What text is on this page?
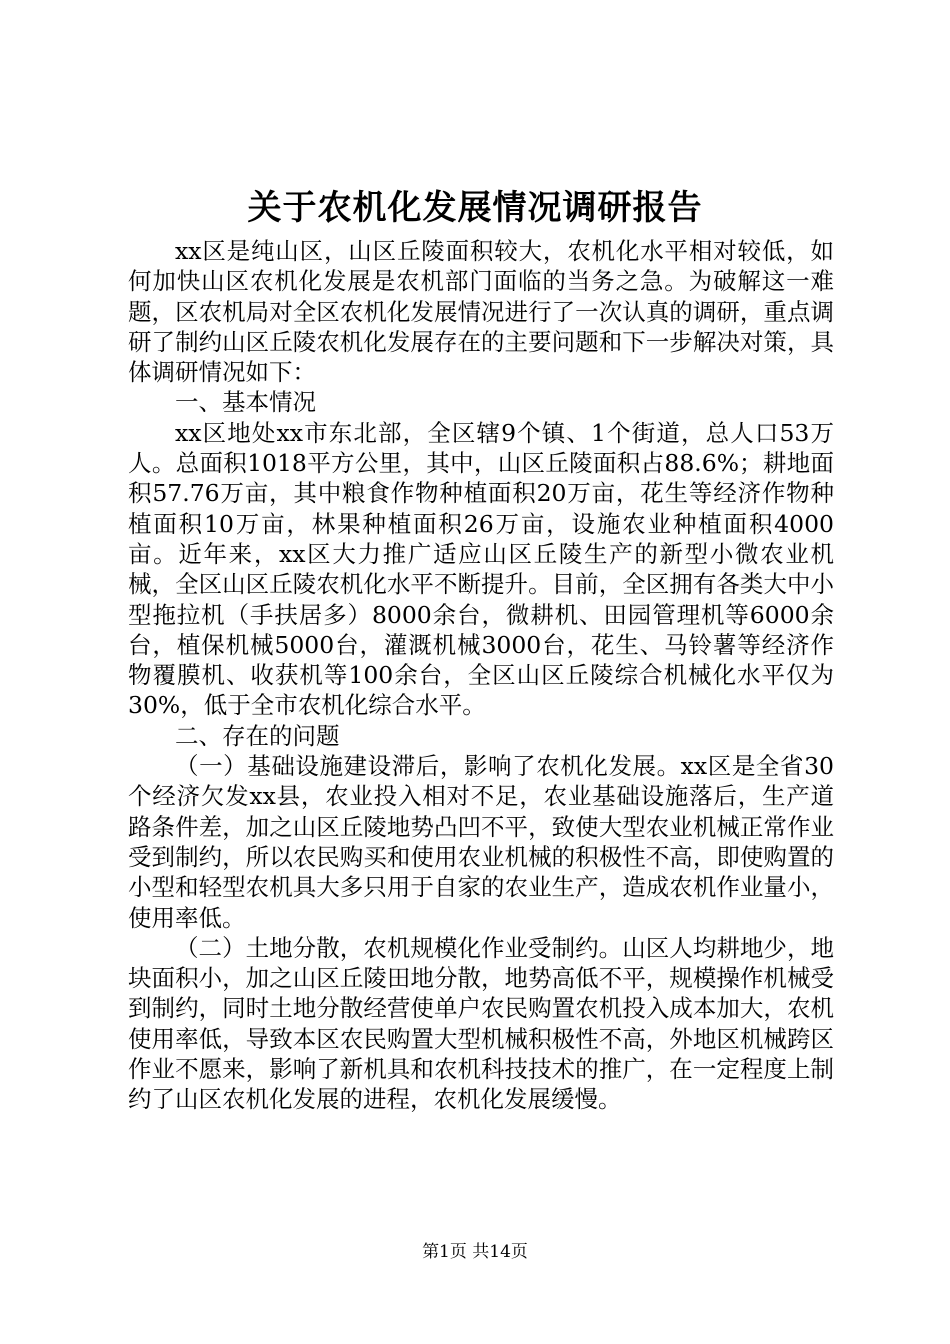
关于农机化发展情况调研报告

xx区是纯山区，山区丘陵面积较大，农机化水平相对较低，如何加快山区农机化发展是农机部门面临的当务之急。为破解这一难题，区农机局对全区农机化发展情况进行了一次认真的调研，重点调研了制约山区丘陵农机化发展存在的主要问题和下一步解决对策，具体调研情况如下：

一、基本情况

xx区地处xx市东北部，全区辖9个镇、1个街道，总人口53万人。总面积1018平方公里，其中，山区丘陵面积占88.6%；耕地面积57.76万亩，其中粮食作物种植面积20万亩，花生等经济作物种植面积10万亩，林果种植面积26万亩，设施农业种植面积4000亩。近年来，xx区大力推广适应山区丘陵生产的新型小微农业机械，全区山区丘陵农机化水平不断提升。目前，全区拥有各类大中小型拖拉机（手扶居多）8000余台，微耕机、田园管理机等6000余台，植保机械5000台，灌溉机械3000台，花生、马铃薯等经济作物覆膜机、收获机等100余台，全区山区丘陵综合机械化水平仅为30%，低于全市农机化综合水平。

二、存在的问题

（一）基础设施建设滞后，影响了农机化发展。xx区是全省30个经济欠发xx县，农业投入相对不足，农业基础设施落后，生产道路条件差，加之山区丘陵地势凸凹不平，致使大型农业机械正常作业受到制约，所以农民购买和使用农业机械的积极性不高，即使购置的小型和轻型农机具大多只用于自家的农业生产，造成农机作业量小，使用率低。

（二）土地分散，农机规模化作业受制约。山区人均耕地少，地块面积小，加之山区丘陵田地分散，地势高低不平，规模操作机械受到制约，同时土地分散经营使单户农民购置农机投入成本加大，农机使用率低，导致本区农民购置大型机械积极性不高，外地区机械跨区作业不愿来，影响了新机具和农机科技技术的推广，在一定程度上制约了山区农机化发展的进程，农机化发展缓慢。

第1页 共14页
